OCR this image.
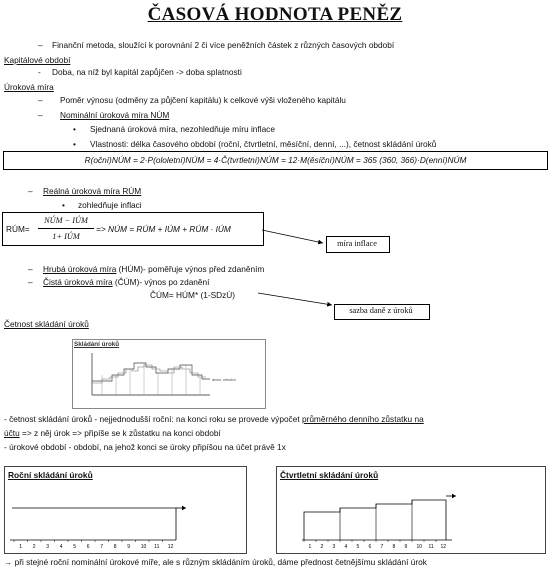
ČASOVÁ HODNOTA PENĚZ
– Finanční metoda, sloužící k porovnání 2 či více peněžních částek z různých časových období
Kapitálové období
- Doba, na níž byl kapitál zapůjčen -> doba splatnosti
Úroková míra
– Poměr výnosu (odměny za půjčení kapitálu) k celkové výši vloženého kapitálu
– Nominální úroková míra NÚM
• Sjednaná úroková míra, nezohledňuje míru inflace
• Vlastnosti: délka časového období (roční, čtvrtletní, měsíční, denní, ...), četnost skládání úroků
R(oční)NÚM = 2·P(ololetní)NÚM = 4·Č(tvrtletní)NÚM = 12·M(ěsíční)NÚM = 365 (360, 366)·D(enní)NÚM
– Reálná úroková míra RÚM
• zohledňuje inflaci
RÚM=
NÚM − IÚM
1+ IÚM
=> NÚM = RÚM + IÚM + RÚM · IÚM
míra inflace
– Hrubá úroková míra (HÚM)- poměřuje výnos před zdaněním
– Čistá úroková míra (ČÚM)- výnos po zdanění
ČÚM= HÚM* (1-SDzÚ)
sazba daně z úroků
Četnost skládání úroků
Skládání úroků
denní, měsíční
- četnost skládání úroků - nejjednodušší roční: na konci roku se provede výpočet průměrného denního zůstatku na
účtu => z něj úrok => připíše se k zůstatku na konci období
- úrokové období - období, na jehož konci se úroky připíšou na účet právě 1x
Roční skládání úroků
1 2 3 4 5 6 7 8 9 10 11 12
Čtvrtletní skládání úroků
1 2 3 4 5 6 7 8 9 10 11 12
→ při stejné roční nominální úrokové míře, ale s různým skládáním úroků, dáme přednost četnějšímu skládání úrok
